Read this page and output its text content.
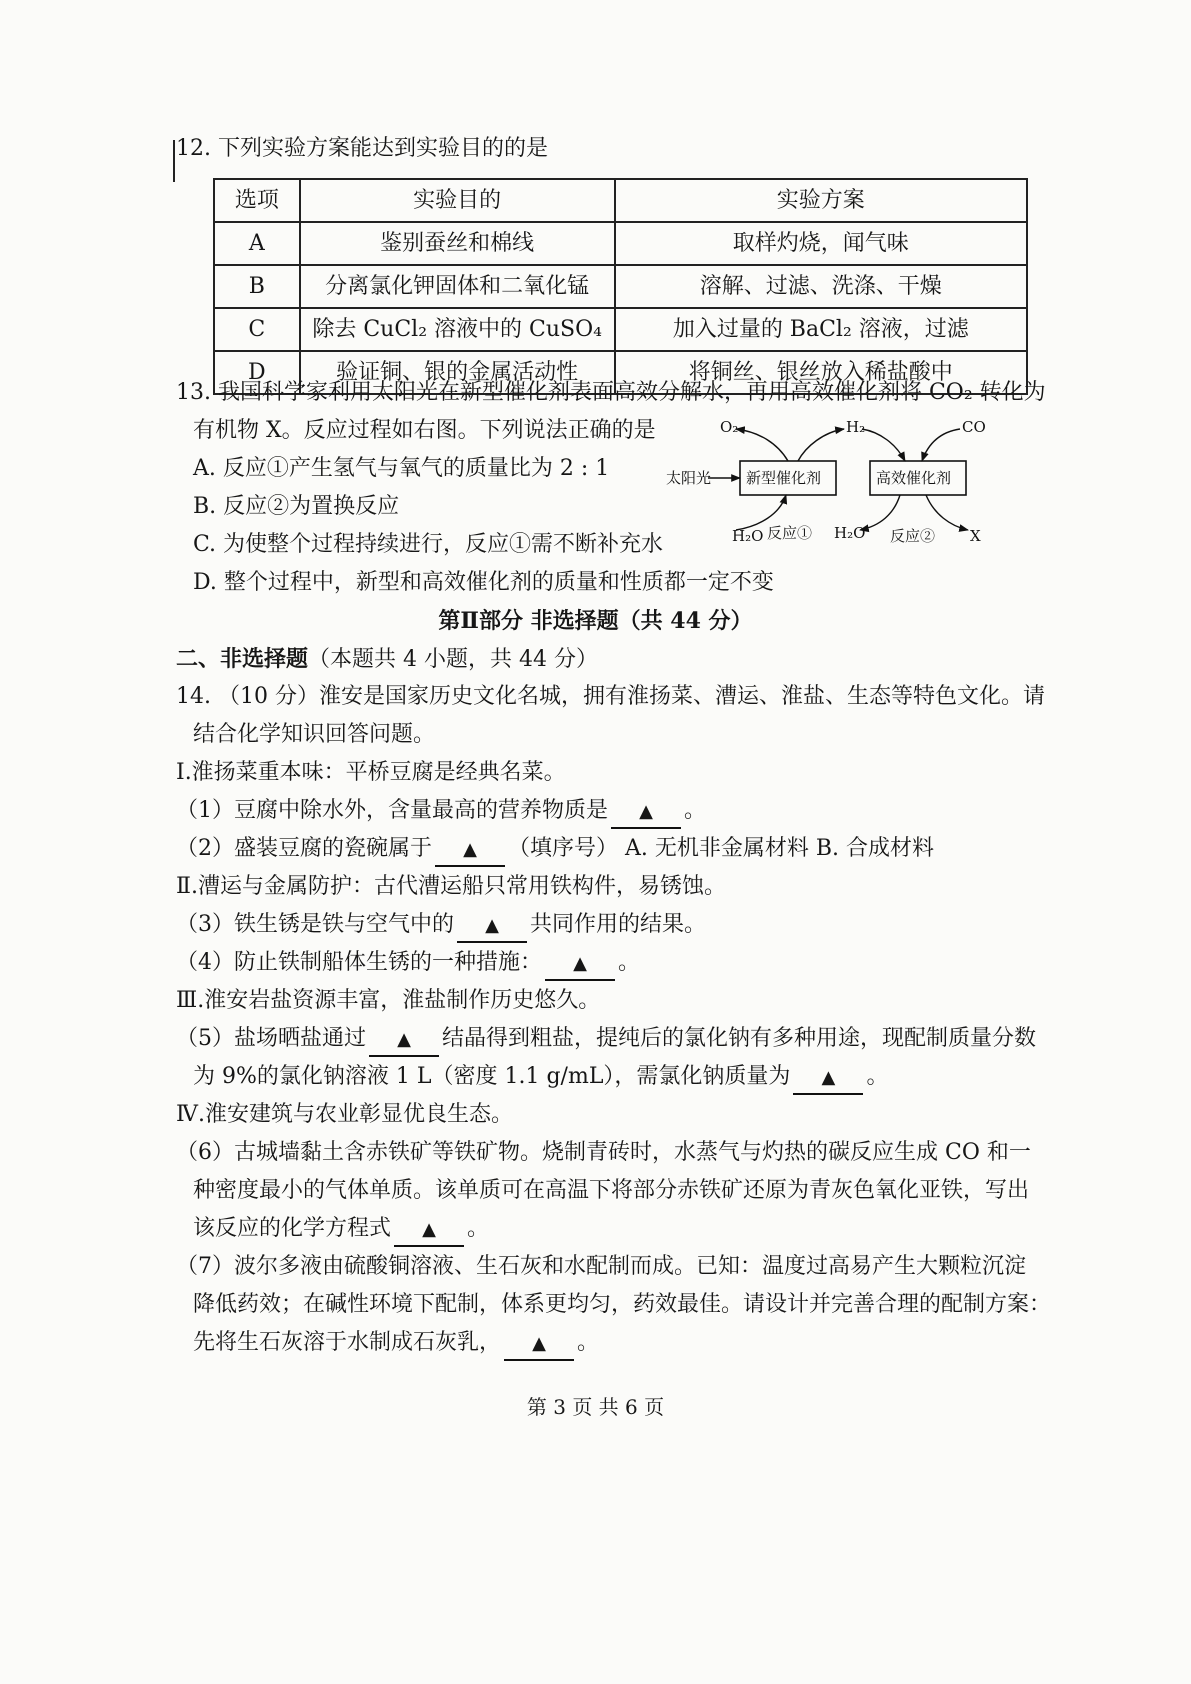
12. 下列实验方案能达到实验目的的是
选项	实验目的	实验方案
A	鉴别蚕丝和棉线	取样灼烧，闻气味
B	分离氯化钾固体和二氧化锰	溶解、过滤、洗涤、干燥
C	除去 CuCl₂ 溶液中的 CuSO₄	加入过量的 BaCl₂ 溶液，过滤
D	验证铜、银的金属活动性	将铜丝、银丝放入稀盐酸中
13. 我国科学家利用太阳光在新型催化剂表面高效分解水，再用高效催化剂将 CO₂ 转化为
有机物 X。反应过程如右图。下列说法正确的是
A. 反应①产生氢气与氧气的质量比为 2 : 1
B. 反应②为置换反应
C. 为使整个过程持续进行，反应①需不断补充水
D. 整个过程中，新型和高效催化剂的质量和性质都一定不变
O₂	H₂	CO
太阳光 新型催化剂	高效催化剂
H₂O 反应① H₂O 反应② X
第Ⅱ部分 非选择题（共 44 分）
二、非选择题（本题共 4 小题，共 44 分）
14. （10 分）淮安是国家历史文化名城，拥有淮扬菜、漕运、淮盐、生态等特色文化。请
结合化学知识回答问题。
Ⅰ.淮扬菜重本味：平桥豆腐是经典名菜。
（1）豆腐中除水外，含量最高的营养物质是 ▲ 。
（2）盛装豆腐的瓷碗属于 ▲ （填序号） A. 无机非金属材料 B. 合成材料
Ⅱ.漕运与金属防护：古代漕运船只常用铁构件，易锈蚀。
（3）铁生锈是铁与空气中的 ▲ 共同作用的结果。
（4）防止铁制船体生锈的一种措施： ▲ 。
Ⅲ.淮安岩盐资源丰富，淮盐制作历史悠久。
（5）盐场晒盐通过 ▲ 结晶得到粗盐，提纯后的氯化钠有多种用途，现配制质量分数
为 9%的氯化钠溶液 1 L（密度 1.1 g/mL），需氯化钠质量为 ▲ 。
Ⅳ.淮安建筑与农业彰显优良生态。
（6）古城墙黏土含赤铁矿等铁矿物。烧制青砖时，水蒸气与灼热的碳反应生成 CO 和一
种密度最小的气体单质。该单质可在高温下将部分赤铁矿还原为青灰色氧化亚铁，写出
该反应的化学方程式 ▲ 。
（7）波尔多液由硫酸铜溶液、生石灰和水配制而成。已知：温度过高易产生大颗粒沉淀
降低药效；在碱性环境下配制，体系更均匀，药效最佳。请设计并完善合理的配制方案：
先将生石灰溶于水制成石灰乳， ▲ 。
第 3 页 共 6 页
